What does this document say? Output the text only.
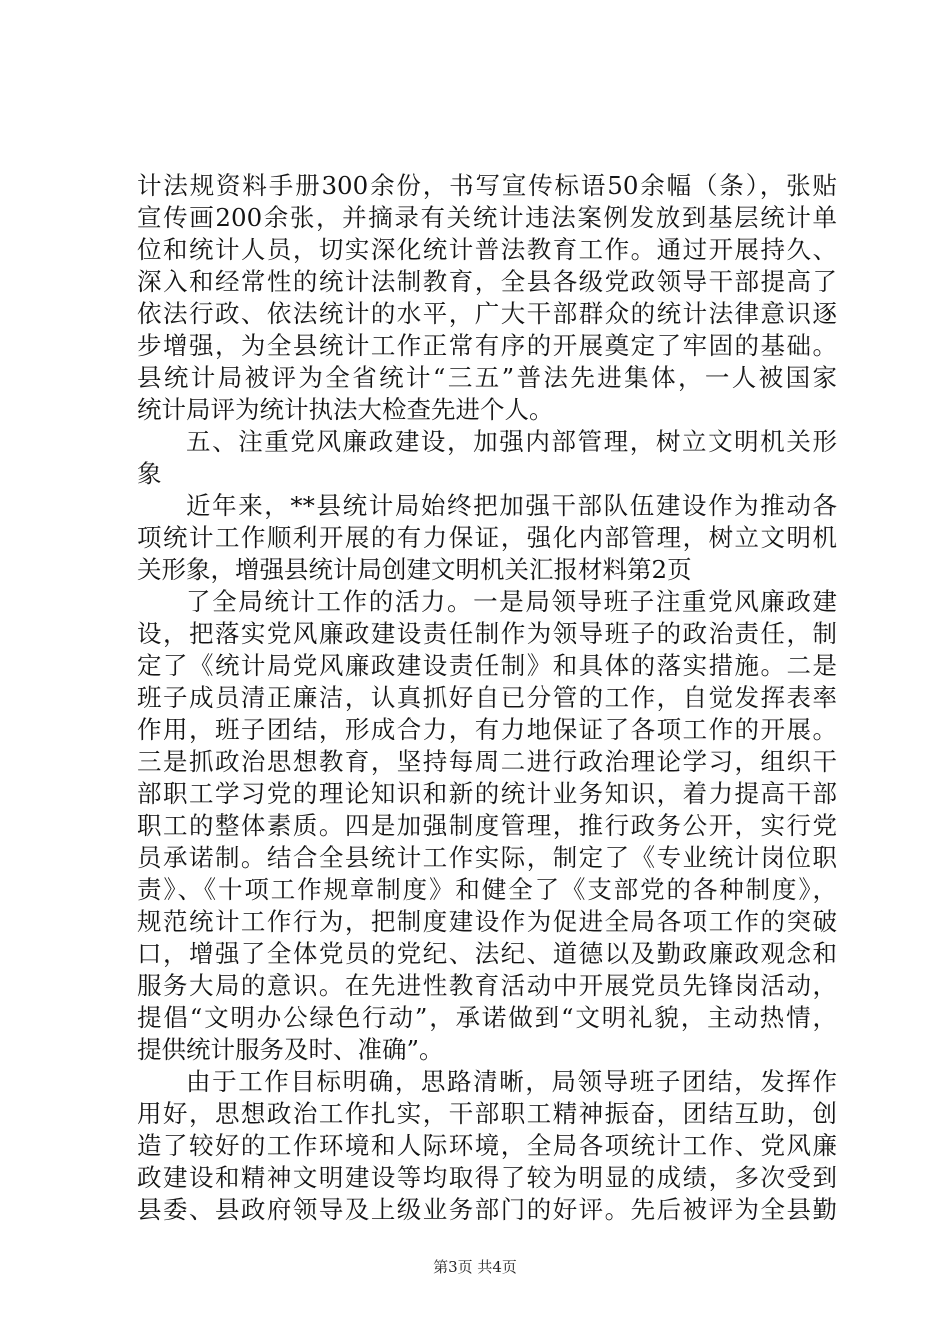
计法规资料手册300余份，书写宣传标语50余幅（条），张贴
宣传画200余张，并摘录有关统计违法案例发放到基层统计单
位和统计人员，切实深化统计普法教育工作。通过开展持久、
深入和经常性的统计法制教育，全县各级党政领导干部提高了
依法行政、依法统计的水平，广大干部群众的统计法律意识逐
步增强，为全县统计工作正常有序的开展奠定了牢固的基础。
县统计局被评为全省统计“三五”普法先进集体，一人被国家
统计局评为统计执法大检查先进个人。
五、注重党风廉政建设，加强内部管理，树立文明机关形
象
近年来，**县统计局始终把加强干部队伍建设作为推动各
项统计工作顺利开展的有力保证，强化内部管理，树立文明机
关形象，增强县统计局创建文明机关汇报材料第2页
了全局统计工作的活力。一是局领导班子注重党风廉政建
设，把落实党风廉政建设责任制作为领导班子的政治责任，制
定了《统计局党风廉政建设责任制》和具体的落实措施。二是
班子成员清正廉洁，认真抓好自已分管的工作，自觉发挥表率
作用，班子团结，形成合力，有力地保证了各项工作的开展。
三是抓政治思想教育，坚持每周二进行政治理论学习，组织干
部职工学习党的理论知识和新的统计业务知识，着力提高干部
职工的整体素质。四是加强制度管理，推行政务公开，实行党
员承诺制。结合全县统计工作实际，制定了《专业统计岗位职
责》、《十项工作规章制度》和健全了《支部党的各种制度》，
规范统计工作行为，把制度建设作为促进全局各项工作的突破
口，增强了全体党员的党纪、法纪、道德以及勤政廉政观念和
服务大局的意识。在先进性教育活动中开展党员先锋岗活动，
提倡“文明办公绿色行动”，承诺做到“文明礼貌，主动热情，
提供统计服务及时、准确”。
由于工作目标明确，思路清晰，局领导班子团结，发挥作
用好，思想政治工作扎实，干部职工精神振奋，团结互助，创
造了较好的工作环境和人际环境，全局各项统计工作、党风廉
政建设和精神文明建设等均取得了较为明显的成绩，多次受到
县委、县政府领导及上级业务部门的好评。先后被评为全县勤
第3页 共4页
